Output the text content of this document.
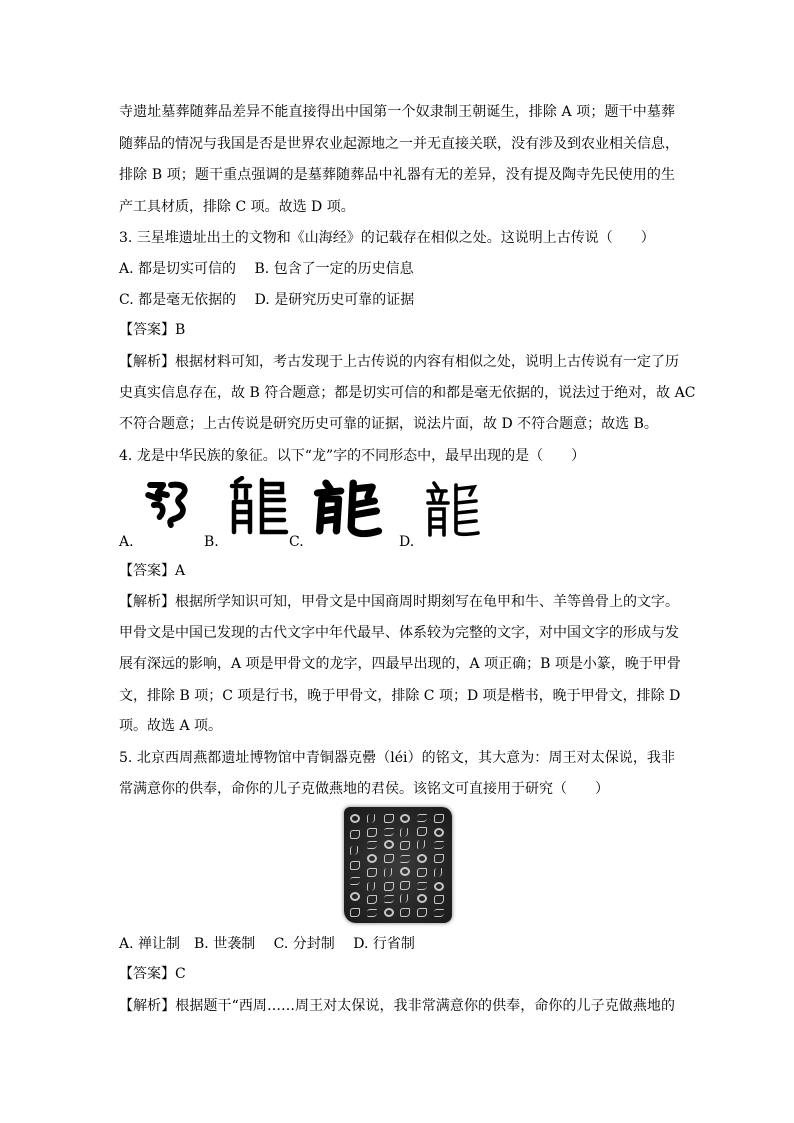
寺遗址墓葬随葬品差异不能直接得出中国第一个奴隶制王朝诞生，排除 A 项；题干中墓葬
随葬品的情况与我国是否是世界农业起源地之一并无直接关联，没有涉及到农业相关信息，
排除 B 项；题干重点强调的是墓葬随葬品中礼器有无的差异，没有提及陶寺先民使用的生
产工具材质，排除 C 项。故选 D 项。
3. 三星堆遗址出土的文物和《山海经》的记载存在相似之处。这说明上古传说（　　）
A. 都是切实可信的　 B. 包含了一定的历史信息
C. 都是毫无依据的　 D. 是研究历史可靠的证据
【答案】B
【解析】根据材料可知，考古发现于上古传说的内容有相似之处，说明上古传说有一定了历
史真实信息存在，故 B 符合题意；都是切实可信的和都是毫无依据的，说法过于绝对，故 AC
不符合题意；上古传说是研究历史可靠的证据，说法片面，故 D 不符合题意；故选 B。
4. 龙是中华民族的象征。以下“龙”字的不同形态中，最早出现的是（　　）
A.	B.	C.	D.
【答案】A
【解析】根据所学知识可知，甲骨文是中国商周时期刻写在龟甲和牛、羊等兽骨上的文字。
甲骨文是中国已发现的古代文字中年代最早、体系较为完整的文字，对中国文字的形成与发
展有深远的影响，A 项是甲骨文的龙字，四最早出现的，A 项正确；B 项是小篆，晚于甲骨
文，排除 B 项；C 项是行书，晚于甲骨文，排除 C 项；D 项是楷书，晚于甲骨文，排除 D
项。故选 A 项。
5. 北京西周燕都遗址博物馆中青铜器克罍（léi）的铭文，其大意为：周王对太保说，我非
常满意你的供奉，命你的儿子克做燕地的君侯。该铭文可直接用于研究（　　）
A. 禅让制　B. 世袭制　 C. 分封制　 D. 行省制
【答案】C
【解析】根据题干“西周……周王对太保说，我非常满意你的供奉，命你的儿子克做燕地的
